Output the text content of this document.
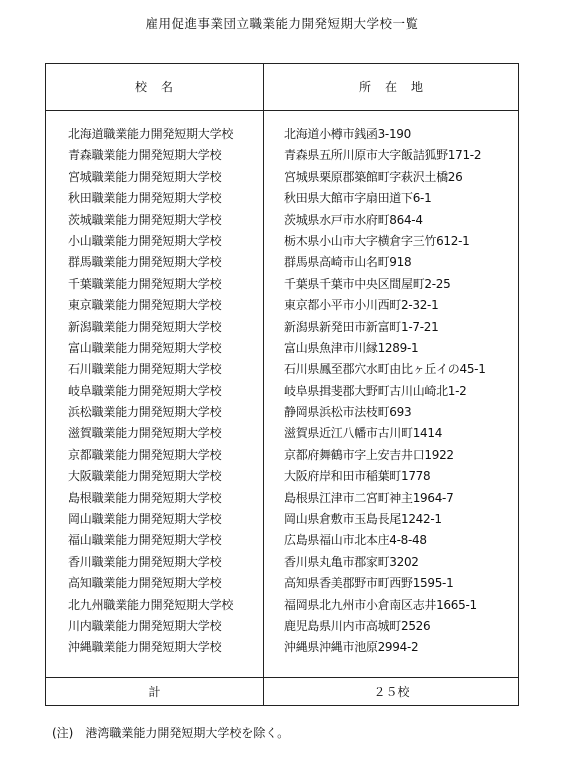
雇用促進事業団立職業能力開発短期大学校一覧
校　名	所　在　地
北海道職業能力開発短期大学校	北海道小樽市銭函3-190
青森職業能力開発短期大学校	青森県五所川原市大字飯詰狐野171-2
宮城職業能力開発短期大学校	宮城県栗原郡築館町字萩沢土橋26
秋田職業能力開発短期大学校	秋田県大館市字扇田道下6-1
茨城職業能力開発短期大学校	茨城県水戸市水府町864-4
小山職業能力開発短期大学校	栃木県小山市大字横倉字三竹612-1
群馬職業能力開発短期大学校	群馬県高崎市山名町918
千葉職業能力開発短期大学校	千葉県千葉市中央区間屋町2-25
東京職業能力開発短期大学校	東京都小平市小川西町2-32-1
新潟職業能力開発短期大学校	新潟県新発田市新富町1-7-21
富山職業能力開発短期大学校	富山県魚津市川縁1289-1
石川職業能力開発短期大学校	石川県鳳至郡穴水町由比ヶ丘イの45-1
岐阜職業能力開発短期大学校	岐阜県揖斐郡大野町古川山崎北1-2
浜松職業能力開発短期大学校	静岡県浜松市法枝町693
滋賀職業能力開発短期大学校	滋賀県近江八幡市古川町1414
京都職業能力開発短期大学校	京都府舞鶴市字上安吉井口1922
大阪職業能力開発短期大学校	大阪府岸和田市稲葉町1778
島根職業能力開発短期大学校	島根県江津市二宮町神主1964-7
岡山職業能力開発短期大学校	岡山県倉敷市玉島長尾1242-1
福山職業能力開発短期大学校	広島県福山市北本庄4-8-48
香川職業能力開発短期大学校	香川県丸亀市郡家町3202
高知職業能力開発短期大学校	高知県香美郡野市町西野1595-1
北九州職業能力開発短期大学校	福岡県北九州市小倉南区志井1665-1
川内職業能力開発短期大学校	鹿児島県川内市高城町2526
沖縄職業能力開発短期大学校	沖縄県沖縄市池原2994-2
計	２５校
(注)　港湾職業能力開発短期大学校を除く。
